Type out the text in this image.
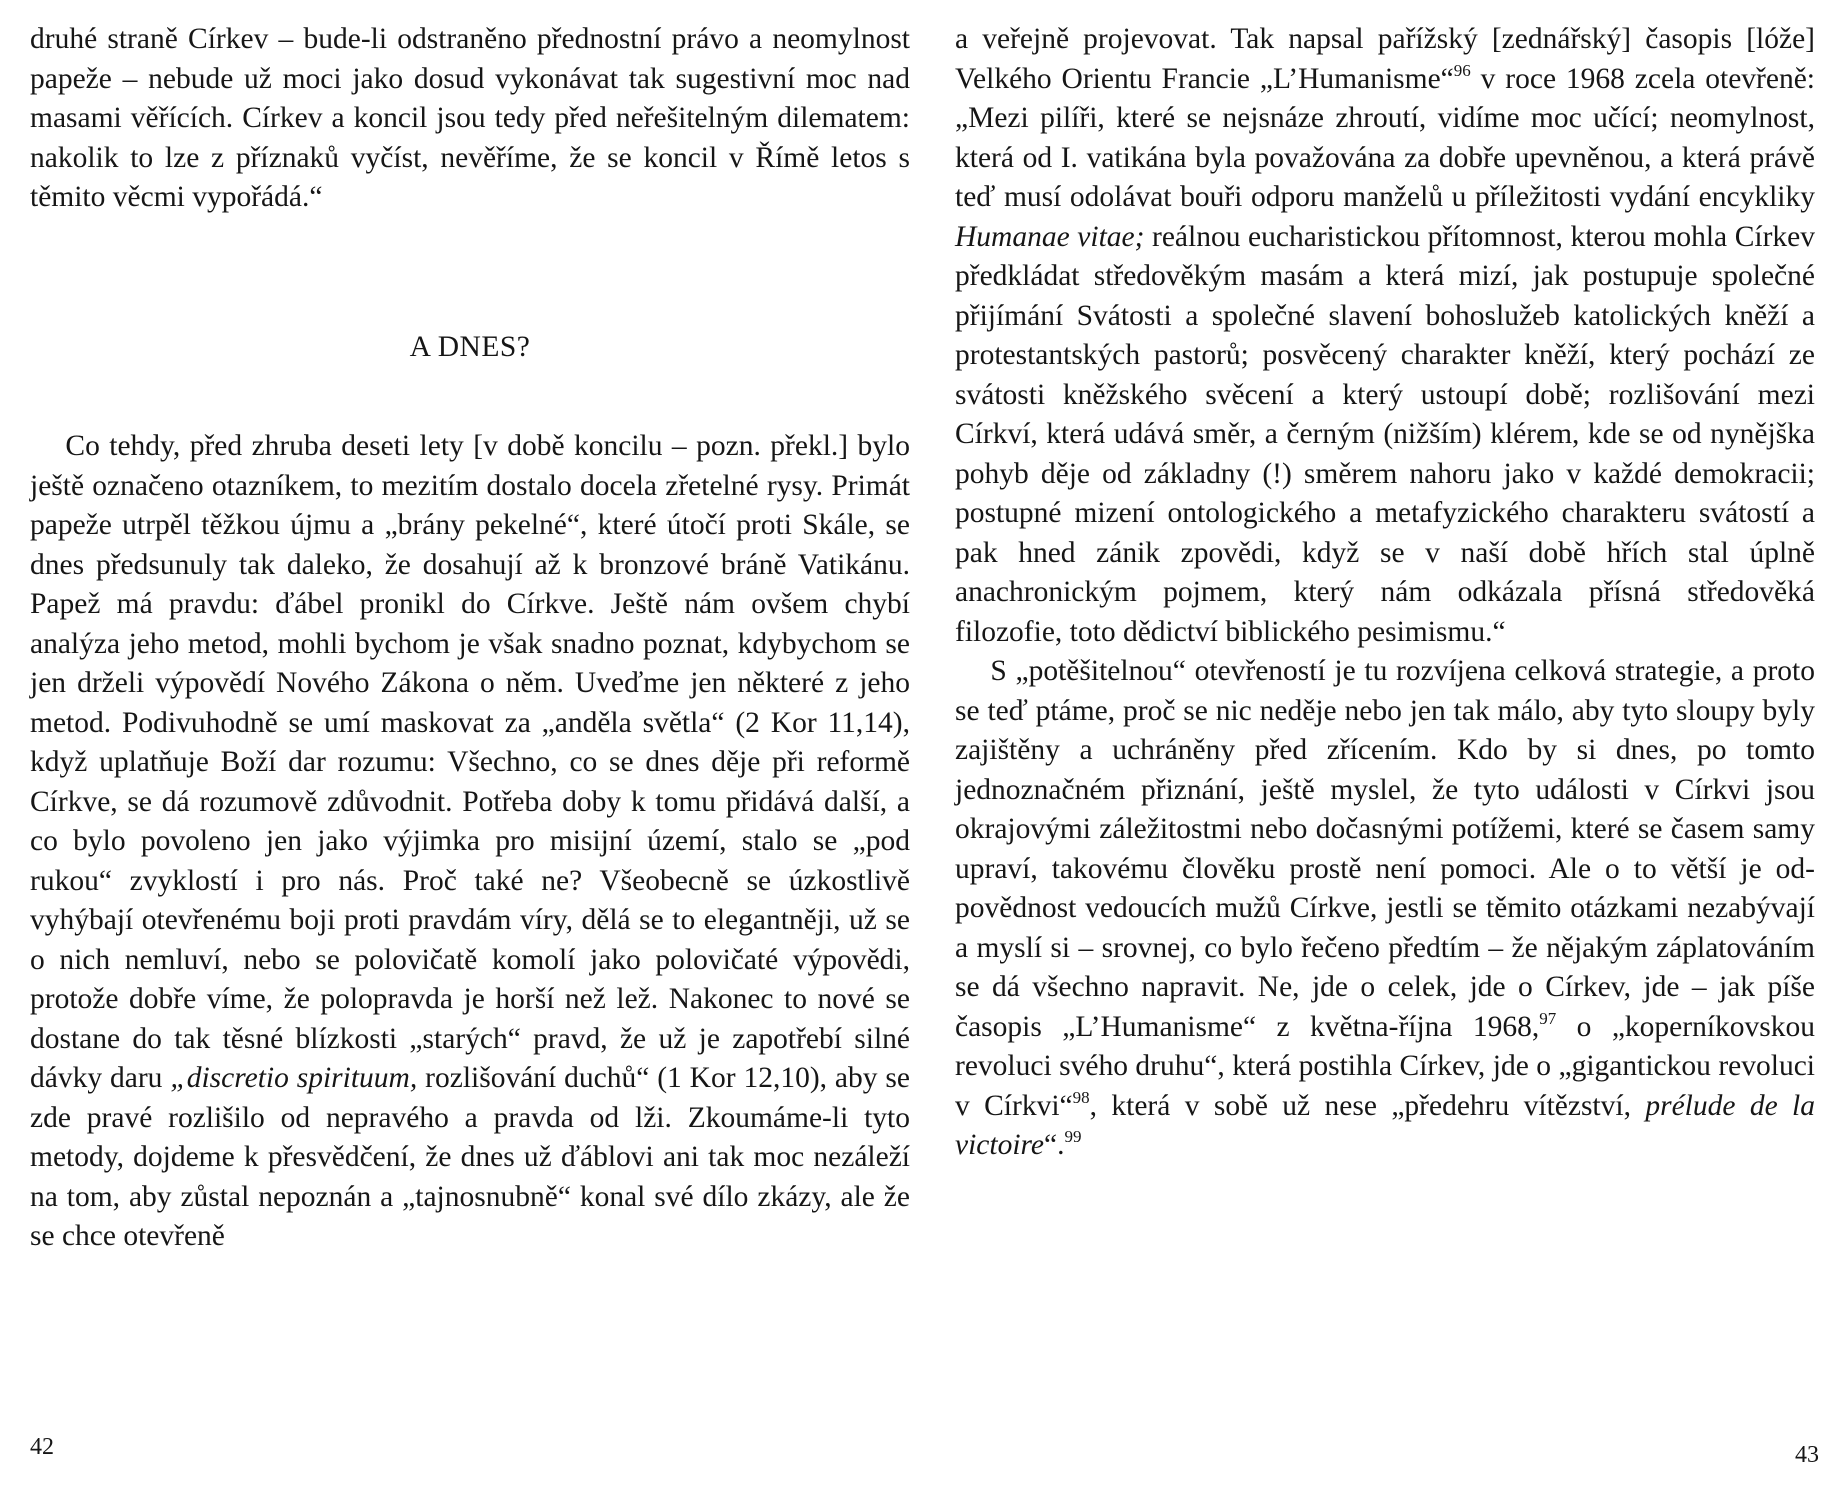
druhé straně Církev – bude-li odstraněno přednostní právo a neomylnost papeže – nebude už moci jako dosud vykonávat tak sugestivní moc nad masami věřících. Církev a koncil jsou tedy před neřešitelným dilematem: nakolik to lze z příznaků vyčíst, nevěříme, že se koncil v Římě letos s těmito věcmi vypořádá.“

A DNES?

Co tehdy, před zhruba deseti lety [v době koncilu – pozn. překl.] bylo ještě označeno otazníkem, to mezitím dostalo docela zřetelné rysy. Primát papeže utrpěl těžkou újmu a „brány pekelné“, které útočí proti Skále, se dnes předsunuly tak daleko, že dosahují až k bronzové bráně Vatikánu. Papež má pravdu: ďábel pronikl do Církve. Ještě nám ovšem chybí analýza jeho metod, mohli bychom je však snadno poznat, kdybychom se jen drželi výpovědí Nového Zákona o něm. Uveďme jen některé z jeho metod. Podivuhodně se umí maskovat za „anděla světla“ (2 Kor 11,14), když uplatňuje Boží dar rozumu: Všechno, co se dnes děje při reformě Církve, se dá rozumově zdůvodnit. Potřeba doby k tomu přidává další, a co bylo povoleno jen jako výjimka pro misijní území, stalo se „pod rukou“ zvyklostí i pro nás. Proč také ne? Všeobecně se úzkostlivě vyhýbají otevřenému boji proti pravdám víry, dělá se to elegantněji, už se o nich nemluví, nebo se polovičatě komolí jako polovičaté výpovědi, protože dobře víme, že polopravda je horší než lež. Nakonec to nové se dostane do tak těsné blízkosti „starých“ pravd, že už je zapotřebí silné dávky daru „discretio spirituum, rozlišování duchů“ (1 Kor 12,10), aby se zde pravé rozlišilo od nepravého a pravda od lži. Zkoumáme-li tyto metody, dojdeme k přesvědčení, že dnes už ďáblovi ani tak moc nezáleží na tom, aby zůstal nepoznán a „tajnosnubně“ konal své dílo zkázy, ale že se chce otevřeně

42

a veřejně projevovat. Tak napsal pařížský [zednářský] časopis [lóže] Velkého Orientu Francie „L’Humanisme“$^{96}$ v roce 1968 zcela otevřeně: „Mezi pilíři, které se nejsnáze zhroutí, vidíme moc učící; neomylnost, která od I. vatikána byla považována za dobře upevněnou, a která právě teď musí odolávat bouři odporu manželů u příležitosti vydání encykliky Humanae vitae; reálnou eucharistickou přítomnost, kterou mohla Církev předkládat středověkým masám a která mizí, jak postupuje společné přijímání Svátosti a společné slavení bohoslužeb katolických kněží a protestantských pastorů; posvěcený charakter kněží, který pochází ze svátosti kněžského svěcení a který ustoupí době; rozlišování mezi Církví, která udává směr, a černým (nižším) klérem, kde se od nynějška pohyb děje od základny (!) směrem nahoru jako v každé demokracii; postupné mizení ontologického a metafyzického charakteru svátostí a pak hned zánik zpovědi, když se v naší době hřích stal úplně anachronickým pojmem, který nám odkázala přísná středověká filozofie, toto dědictví biblického pesimismu.“

S „potěšitelnou“ otevřeností je tu rozvíjena celková strategie, a proto se teď ptáme, proč se nic neděje nebo jen tak málo, aby tyto sloupy byly zajištěny a uchráněny před zřícením. Kdo by si dnes, po tomto jednoznačném přiznání, ještě myslel, že tyto události v Církvi jsou okrajovými záležitostmi nebo dočasnými potížemi, které se časem samy upraví, takovému člověku prostě není pomoci. Ale o to větší je odpovědnost vedoucích mužů Církve, jestli se těmito otázkami nezabývají a myslí si – srovnej, co bylo řečeno předtím – že nějakým záplatováním se dá všechno napravit. Ne, jde o celek, jde o Církev, jde – jak píše časopis „L’Humanisme“ z května-října 1968,97 o „koperníkovskou revoluci svého druhu“, která postihla Církev, jde o „gigantickou revoluci v Církvi“$^{98}$, která v sobě už nese „předehru vítězství, prélude de la victoire“.$^{99}$

43
